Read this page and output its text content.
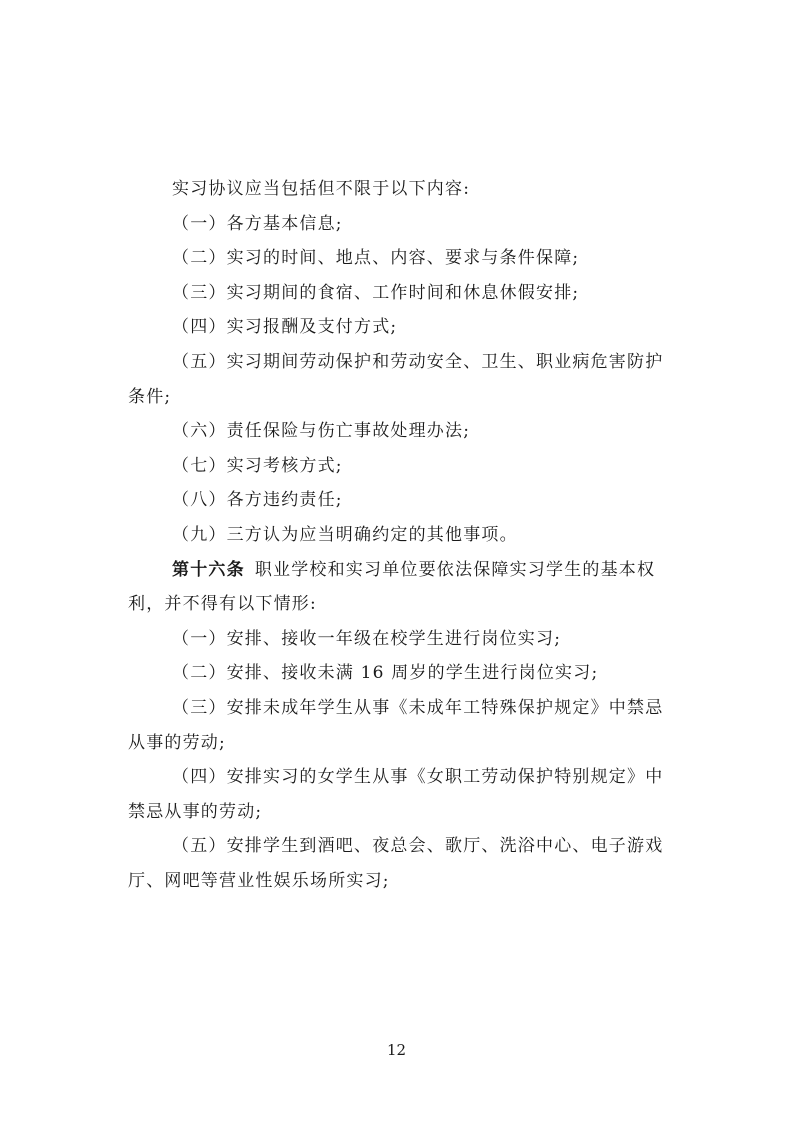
实习协议应当包括但不限于以下内容:

（一）各方基本信息;

（二）实习的时间、地点、内容、要求与条件保障;

（三）实习期间的食宿、工作时间和休息休假安排;

（四）实习报酬及支付方式;

（五）实习期间劳动保护和劳动安全、卫生、职业病危害防护条件;

（六）责任保险与伤亡事故处理办法;

（七）实习考核方式;

（八）各方违约责任;

（九）三方认为应当明确约定的其他事项。

第十六条 职业学校和实习单位要依法保障实习学生的基本权利，并不得有以下情形:

（一）安排、接收一年级在校学生进行岗位实习;

（二）安排、接收未满 16 周岁的学生进行岗位实习;

（三）安排未成年学生从事《未成年工特殊保护规定》中禁忌从事的劳动;

（四）安排实习的女学生从事《女职工劳动保护特别规定》中禁忌从事的劳动;

（五）安排学生到酒吧、夜总会、歌厅、洗浴中心、电子游戏厅、网吧等营业性娱乐场所实习;

12
